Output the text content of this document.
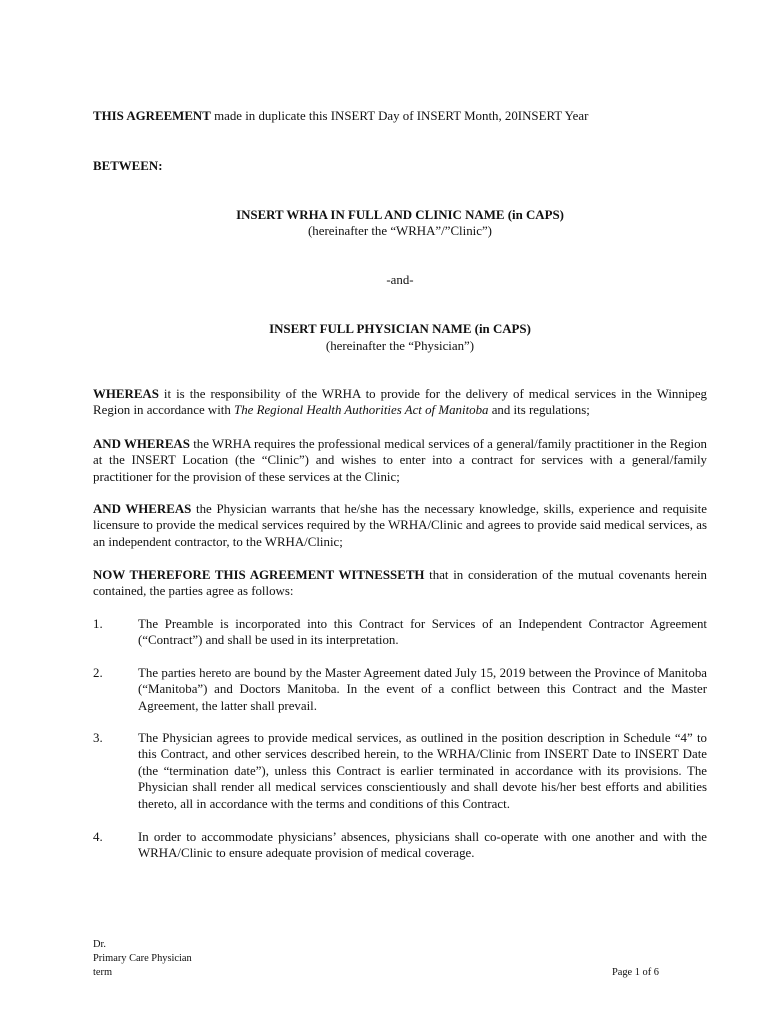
THIS AGREEMENT made in duplicate this INSERT Day of INSERT Month, 20INSERT Year
BETWEEN:
INSERT WRHA IN FULL AND CLINIC NAME (in CAPS)
(hereinafter the “WRHA”/”Clinic”)
-and-
INSERT FULL PHYSICIAN NAME (in CAPS)
(hereinafter the “Physician”)
WHEREAS it is the responsibility of the WRHA to provide for the delivery of medical services in the Winnipeg Region in accordance with The Regional Health Authorities Act of Manitoba and its regulations;
AND WHEREAS the WRHA requires the professional medical services of a general/family practitioner in the Region at the INSERT Location (the “Clinic”) and wishes to enter into a contract for services with a general/family practitioner for the provision of these services at the Clinic;
AND WHEREAS the Physician warrants that he/she has the necessary knowledge, skills, experience and requisite licensure to provide the medical services required by the WRHA/Clinic and agrees to provide said medical services, as an independent contractor, to the WRHA/Clinic;
NOW THEREFORE THIS AGREEMENT WITNESSETH that in consideration of the mutual covenants herein contained, the parties agree as follows:
1.	The Preamble is incorporated into this Contract for Services of an Independent Contractor Agreement (“Contract”) and shall be used in its interpretation.
2.	The parties hereto are bound by the Master Agreement dated July 15, 2019 between the Province of Manitoba (“Manitoba”) and Doctors Manitoba. In the event of a conflict between this Contract and the Master Agreement, the latter shall prevail.
3.	The Physician agrees to provide medical services, as outlined in the position description in Schedule “4” to this Contract, and other services described herein, to the WRHA/Clinic from INSERT Date to INSERT Date (the “termination date”), unless this Contract is earlier terminated in accordance with its provisions. The Physician shall render all medical services conscientiously and shall devote his/her best efforts and abilities thereto, all in accordance with the terms and conditions of this Contract.
4.	In order to accommodate physicians’ absences, physicians shall co-operate with one another and with the WRHA/Clinic to ensure adequate provision of medical coverage.
Dr.
Primary Care Physician
term	Page 1 of 6
